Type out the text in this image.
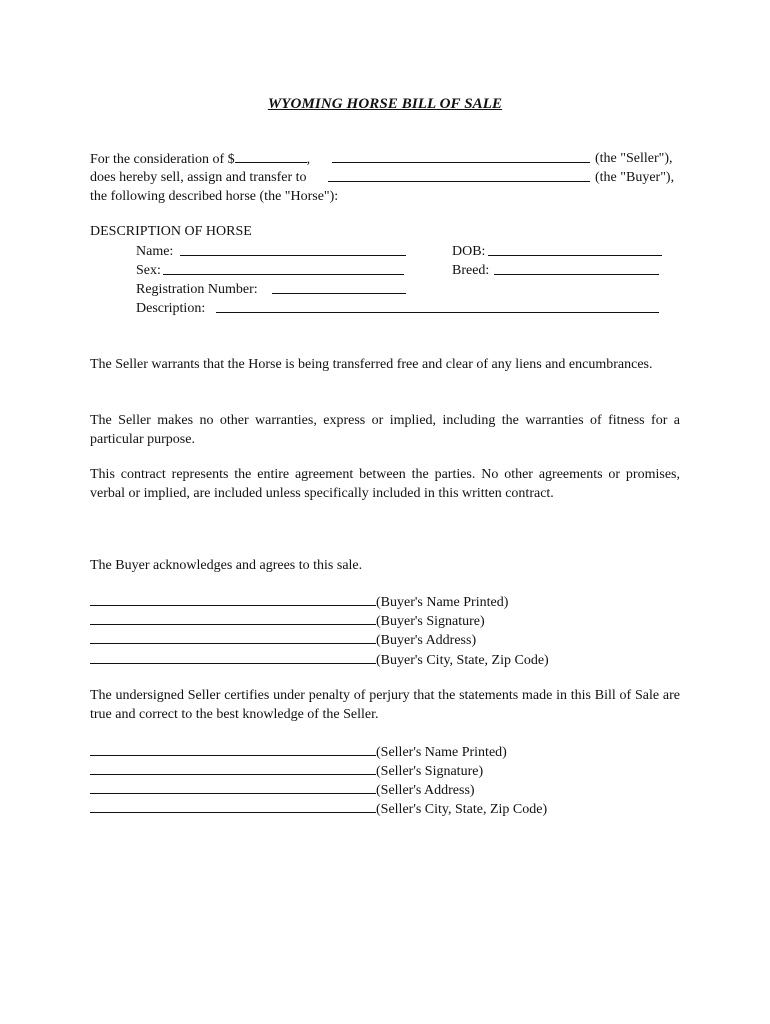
WYOMING HORSE BILL OF SALE
For the consideration of $	,	(the "Seller"),
does hereby sell, assign and transfer to	(the "Buyer"),
the following described horse (the "Horse"):
DESCRIPTION OF HORSE
Name:	DOB:
Sex:	Breed:
Registration Number:
Description:
The Seller warrants that the Horse is being transferred free and clear of any liens and encumbrances.
The Seller makes no other warranties, express or implied, including the warranties of fitness for a particular purpose.
This contract represents the entire agreement between the parties. No other agreements or promises, verbal or implied, are included unless specifically included in this written contract.
The Buyer acknowledges and agrees to this sale.
(Buyer's Name Printed)
(Buyer's Signature)
(Buyer's Address)
(Buyer's City, State, Zip Code)
The undersigned Seller certifies under penalty of perjury that the statements made in this Bill of Sale are true and correct to the best knowledge of the Seller.
(Seller's Name Printed)
(Seller's Signature)
(Seller's Address)
(Seller's City, State, Zip Code)
